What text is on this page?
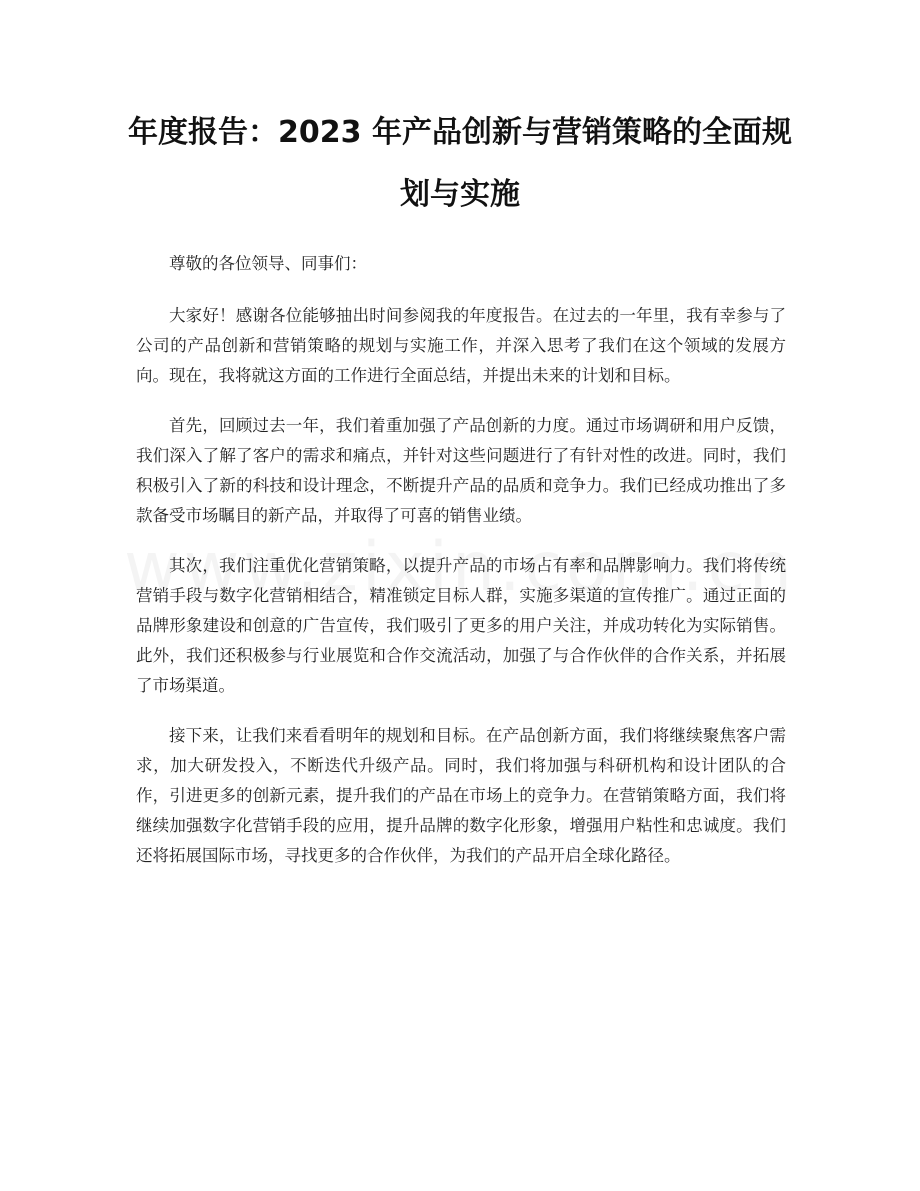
年度报告：2023 年产品创新与营销策略的全面规划与实施

尊敬的各位领导、同事们：

大家好！感谢各位能够抽出时间参阅我的年度报告。在过去的一年里，我有幸参与了公司的产品创新和营销策略的规划与实施工作，并深入思考了我们在这个领域的发展方向。现在，我将就这方面的工作进行全面总结，并提出未来的计划和目标。

首先，回顾过去一年，我们着重加强了产品创新的力度。通过市场调研和用户反馈，我们深入了解了客户的需求和痛点，并针对这些问题进行了有针对性的改进。同时，我们积极引入了新的科技和设计理念，不断提升产品的品质和竞争力。我们已经成功推出了多款备受市场瞩目的新产品，并取得了可喜的销售业绩。

其次，我们注重优化营销策略，以提升产品的市场占有率和品牌影响力。我们将传统营销手段与数字化营销相结合，精准锁定目标人群，实施多渠道的宣传推广。通过正面的品牌形象建设和创意的广告宣传，我们吸引了更多的用户关注，并成功转化为实际销售。此外，我们还积极参与行业展览和合作交流活动，加强了与合作伙伴的合作关系，并拓展了市场渠道。

接下来，让我们来看看明年的规划和目标。在产品创新方面，我们将继续聚焦客户需求，加大研发投入，不断迭代升级产品。同时，我们将加强与科研机构和设计团队的合作，引进更多的创新元素，提升我们的产品在市场上的竞争力。在营销策略方面，我们将继续加强数字化营销手段的应用，提升品牌的数字化形象，增强用户粘性和忠诚度。我们还将拓展国际市场，寻找更多的合作伙伴，为我们的产品开启全球化路径。
